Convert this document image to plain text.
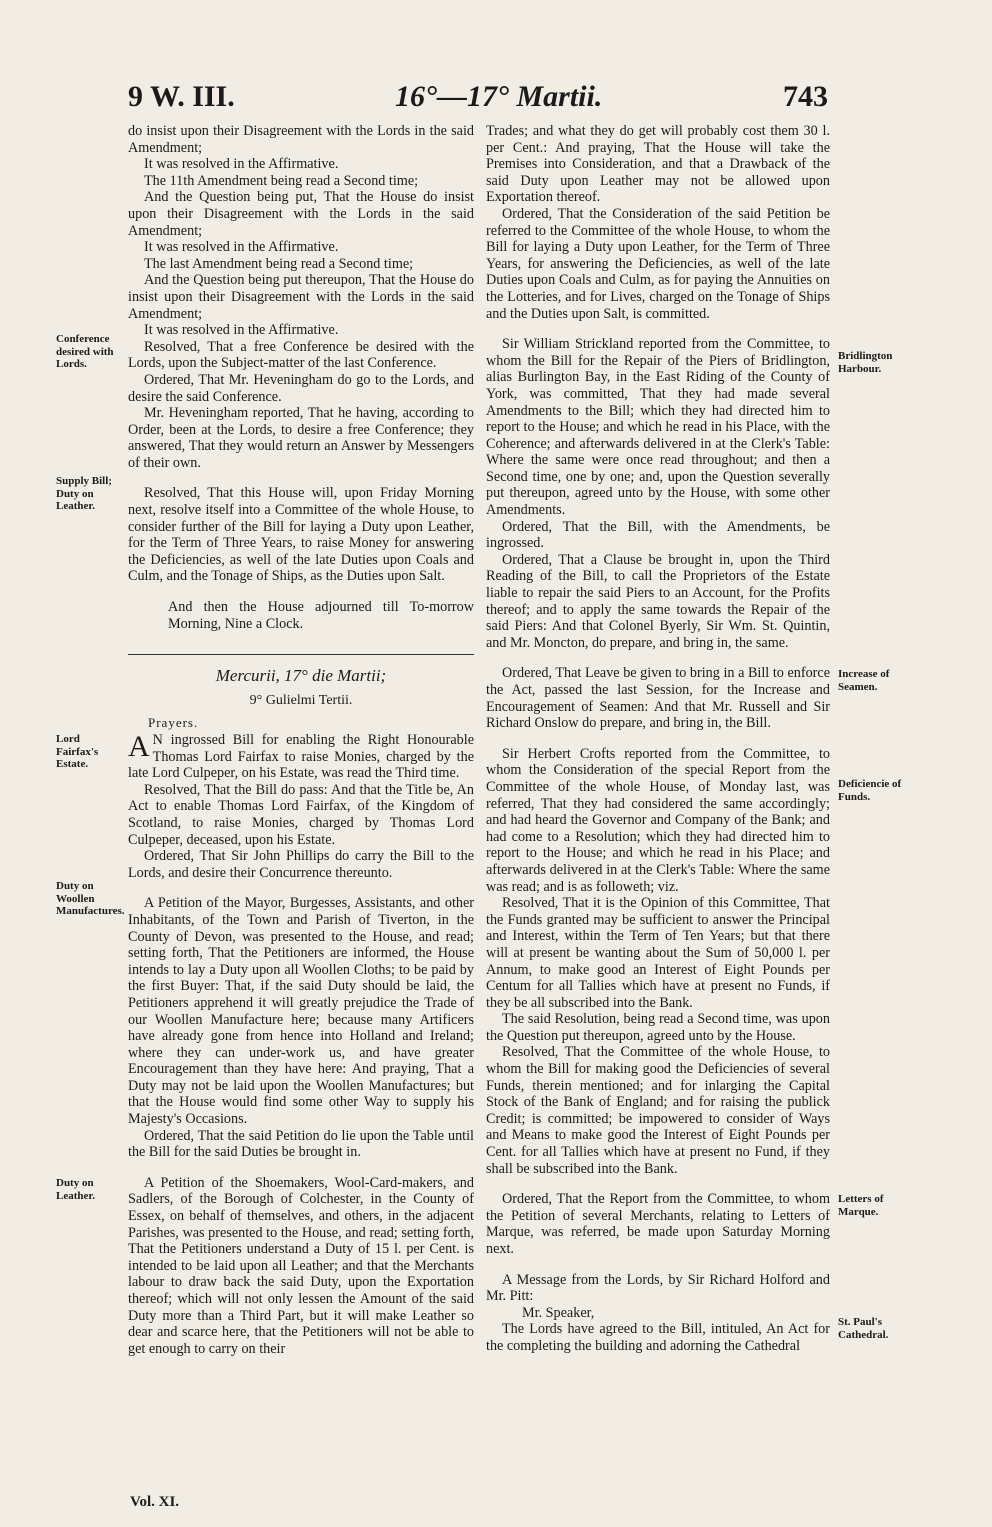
9 W. III.	16°—17° Martii.	743
Conference desired with Lords.
Supply Bill; Duty on Leather.
Lord Fairfax's Estate.
Duty on Woollen Manufactures.
Duty on Leather.
Bridlington Harbour.
Increase of Seamen.
Deficiencie of Funds.
Letters of Marque.
St. Paul's Cathedral.

do insist upon their Disagreement with the Lords in the said Amendment;

It was resolved in the Affirmative.

The 11th Amendment being read a Second time;

And the Question being put, That the House do insist upon their Disagreement with the Lords in the said Amendment;

It was resolved in the Affirmative.

The last Amendment being read a Second time;

And the Question being put thereupon, That the House do insist upon their Disagreement with the Lords in the said Amendment;

It was resolved in the Affirmative.

Resolved, That a free Conference be desired with the Lords, upon the Subject-matter of the last Conference.

Ordered, That Mr. Heveningham do go to the Lords, and desire the said Conference.

Mr. Heveningham reported, That he having, according to Order, been at the Lords, to desire a free Conference; they answered, That they would return an Answer by Messengers of their own.

Resolved, That this House will, upon Friday Morning next, resolve itself into a Committee of the whole House, to consider further of the Bill for laying a Duty upon Leather, for the Term of Three Years, to raise Money for answering the Deficiencies, as well of the late Duties upon Coals and Culm, and the Tonage of Ships, as the Duties upon Salt.

And then the House adjourned till To-morrow Morning, Nine a Clock.

Mercurii, 17° die Martii;
9° Gulielmi Tertii.
Prayers.

A N ingrossed Bill for enabling the Right Honourable Thomas Lord Fairfax to raise Monies, charged by the late Lord Culpeper, on his Estate, was read the Third time.

Resolved, That the Bill do pass: And that the Title be, An Act to enable Thomas Lord Fairfax, of the Kingdom of Scotland, to raise Monies, charged by Thomas Lord Culpeper, deceased, upon his Estate.

Ordered, That Sir John Phillips do carry the Bill to the Lords, and desire their Concurrence thereunto.

A Petition of the Mayor, Burgesses, Assistants, and other Inhabitants, of the Town and Parish of Tiverton, in the County of Devon, was presented to the House, and read; setting forth, That the Petitioners are informed, the House intends to lay a Duty upon all Woollen Cloths; to be paid by the first Buyer: That, if the said Duty should be laid, the Petitioners apprehend it will greatly prejudice the Trade of our Woollen Manufacture here; because many Artificers have already gone from hence into Holland and Ireland; where they can under-work us, and have greater Encouragement than they have here: And praying, That a Duty may not be laid upon the Woollen Manufactures; but that the House would find some other Way to supply his Majesty's Occasions.

Ordered, That the said Petition do lie upon the Table until the Bill for the said Duties be brought in.

A Petition of the Shoemakers, Wool-Card-makers, and Sadlers, of the Borough of Colchester, in the County of Essex, on behalf of themselves, and others, in the adjacent Parishes, was presented to the House, and read; setting forth, That the Petitioners understand a Duty of 15 l. per Cent. is intended to be laid upon all Leather; and that the Merchants labour to draw back the said Duty, upon the Exportation thereof; which will not only lessen the Amount of the said Duty more than a Third Part, but it will make Leather so dear and scarce here, that the Petitioners will not be able to get enough to carry on their

Vol. XI.

Trades; and what they do get will probably cost them 30 l. per Cent.: And praying, That the House will take the Premises into Consideration, and that a Drawback of the said Duty upon Leather may not be allowed upon Exportation thereof.

Ordered, That the Consideration of the said Petition be referred to the Committee of the whole House, to whom the Bill for laying a Duty upon Leather, for the Term of Three Years, for answering the Deficiencies, as well of the late Duties upon Coals and Culm, as for paying the Annuities on the Lotteries, and for Lives, charged on the Tonage of Ships and the Duties upon Salt, is committed.

Sir William Strickland reported from the Committee, to whom the Bill for the Repair of the Piers of Bridlington, alias Burlington Bay, in the East Riding of the County of York, was committed, That they had made several Amendments to the Bill; which they had directed him to report to the House; and which he read in his Place, with the Coherence; and afterwards delivered in at the Clerk's Table: Where the same were once read throughout; and then a Second time, one by one; and, upon the Question severally put thereupon, agreed unto by the House, with some other Amendments.

Ordered, That the Bill, with the Amendments, be ingrossed.

Ordered, That a Clause be brought in, upon the Third Reading of the Bill, to call the Proprietors of the Estate liable to repair the said Piers to an Account, for the Profits thereof; and to apply the same towards the Repair of the said Piers: And that Colonel Byerly, Sir Wm. St. Quintin, and Mr. Moncton, do prepare, and bring in, the same.

Ordered, That Leave be given to bring in a Bill to enforce the Act, passed the last Session, for the Increase and Encouragement of Seamen: And that Mr. Russell and Sir Richard Onslow do prepare, and bring in, the Bill.

Sir Herbert Crofts reported from the Committee, to whom the Consideration of the special Report from the Committee of the whole House, of Monday last, was referred, That they had considered the same accordingly; and had heard the Governor and Company of the Bank; and had come to a Resolution; which they had directed him to report to the House; and which he read in his Place; and afterwards delivered in at the Clerk's Table: Where the same was read; and is as followeth; viz.

Resolved, That it is the Opinion of this Committee, That the Funds granted may be sufficient to answer the Principal and Interest, within the Term of Ten Years; but that there will at present be wanting about the Sum of 50,000 l. per Annum, to make good an Interest of Eight Pounds per Centum for all Tallies which have at present no Funds, if they be all subscribed into the Bank.

The said Resolution, being read a Second time, was upon the Question put thereupon, agreed unto by the House.

Resolved, That the Committee of the whole House, to whom the Bill for making good the Deficiencies of several Funds, therein mentioned; and for inlarging the Capital Stock of the Bank of England; and for raising the publick Credit; is committed; be impowered to consider of Ways and Means to make good the Interest of Eight Pounds per Cent. for all Tallies which have at present no Fund, if they shall be subscribed into the Bank.

Ordered, That the Report from the Committee, to whom the Petition of several Merchants, relating to Letters of Marque, was referred, be made upon Saturday Morning next.

A Message from the Lords, by Sir Richard Holford and Mr. Pitt:

Mr. Speaker,

The Lords have agreed to the Bill, intituled, An Act for the completing the building and adorning the Cathedral
